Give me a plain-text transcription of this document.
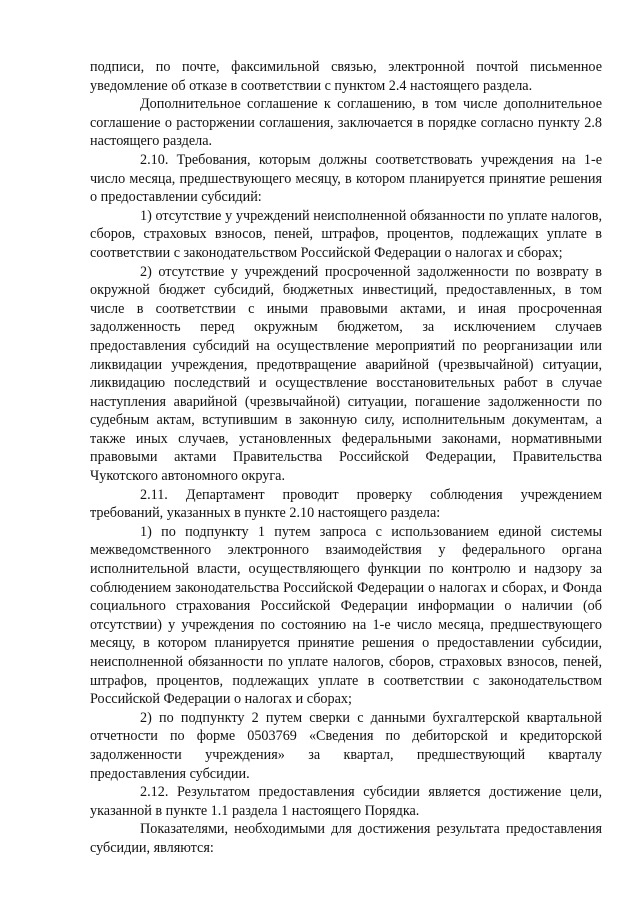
подписи, по почте, факсимильной связью, электронной почтой письменное уведомление об отказе в соответствии с пунктом 2.4 настоящего раздела.

Дополнительное соглашение к соглашению, в том числе дополнительное соглашение о расторжении соглашения, заключается в порядке согласно пункту 2.8 настоящего раздела.

2.10. Требования, которым должны соответствовать учреждения на 1-е число месяца, предшествующего месяцу, в котором планируется принятие решения о предоставлении субсидий:

1) отсутствие у учреждений неисполненной обязанности по уплате налогов, сборов, страховых взносов, пеней, штрафов, процентов, подлежащих уплате в соответствии с законодательством Российской Федерации о налогах и сборах;

2) отсутствие у учреждений просроченной задолженности по возврату в окружной бюджет субсидий, бюджетных инвестиций, предоставленных, в том числе в соответствии с иными правовыми актами, и иная просроченная задолженность перед окружным бюджетом, за исключением случаев предоставления субсидий на осуществление мероприятий по реорганизации или ликвидации учреждения, предотвращение аварийной (чрезвычайной) ситуации, ликвидацию последствий и осуществление восстановительных работ в случае наступления аварийной (чрезвычайной) ситуации, погашение задолженности по судебным актам, вступившим в законную силу, исполнительным документам, а также иных случаев, установленных федеральными законами, нормативными правовыми актами Правительства Российской Федерации, Правительства Чукотского автономного округа.

2.11. Департамент проводит проверку соблюдения учреждением требований, указанных в пункте 2.10 настоящего раздела:

1) по подпункту 1 путем запроса с использованием единой системы межведомственного электронного взаимодействия у федерального органа исполнительной власти, осуществляющего функции по контролю и надзору за соблюдением законодательства Российской Федерации о налогах и сборах, и Фонда социального страхования Российской Федерации информации о наличии (об отсутствии) у учреждения по состоянию на 1-е число месяца, предшествующего месяцу, в котором планируется принятие решения о предоставлении субсидии, неисполненной обязанности по уплате налогов, сборов, страховых взносов, пеней, штрафов, процентов, подлежащих уплате в соответствии с законодательством Российской Федерации о налогах и сборах;

2) по подпункту 2 путем сверки с данными бухгалтерской квартальной отчетности по форме 0503769 «Сведения по дебиторской и кредиторской задолженности учреждения» за квартал, предшествующий кварталу предоставления субсидии.

2.12. Результатом предоставления субсидии является достижение цели, указанной в пункте 1.1 раздела 1 настоящего Порядка.

Показателями, необходимыми для достижения результата предоставления субсидии, являются:
